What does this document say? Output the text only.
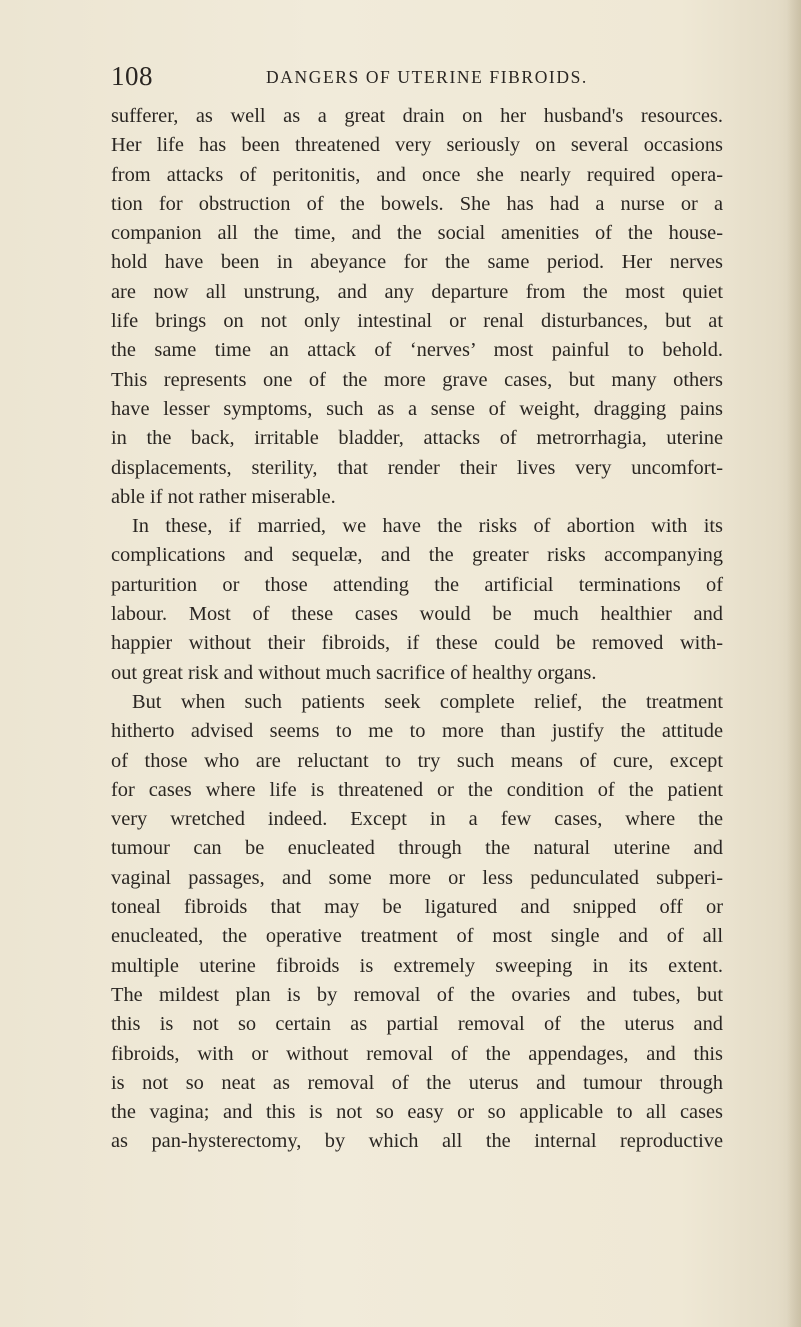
108	DANGERS OF UTERINE FIBROIDS.
sufferer, as well as a great drain on her husband's resources.
Her life has been threatened very seriously on several occasions
from attacks of peritonitis, and once she nearly required opera-
tion for obstruction of the bowels. She has had a nurse or a
companion all the time, and the social amenities of the house-
hold have been in abeyance for the same period. Her nerves
are now all unstrung, and any departure from the most quiet
life brings on not only intestinal or renal disturbances, but at
the same time an attack of ‘nerves’ most painful to behold.
This represents one of the more grave cases, but many others
have lesser symptoms, such as a sense of weight, dragging pains
in the back, irritable bladder, attacks of metrorrhagia, uterine
displacements, sterility, that render their lives very uncomfort-
able if not rather miserable.
In these, if married, we have the risks of abortion with its
complications and sequelæ, and the greater risks accompanying
parturition or those attending the artificial terminations of
labour. Most of these cases would be much healthier and
happier without their fibroids, if these could be removed with-
out great risk and without much sacrifice of healthy organs.
But when such patients seek complete relief, the treatment
hitherto advised seems to me to more than justify the attitude
of those who are reluctant to try such means of cure, except
for cases where life is threatened or the condition of the patient
very wretched indeed. Except in a few cases, where the
tumour can be enucleated through the natural uterine and
vaginal passages, and some more or less pedunculated subperi-
toneal fibroids that may be ligatured and snipped off or
enucleated, the operative treatment of most single and of all
multiple uterine fibroids is extremely sweeping in its extent.
The mildest plan is by removal of the ovaries and tubes, but
this is not so certain as partial removal of the uterus and
fibroids, with or without removal of the appendages, and this
is not so neat as removal of the uterus and tumour through
the vagina; and this is not so easy or so applicable to all cases
as pan-hysterectomy, by which all the internal reproductive
